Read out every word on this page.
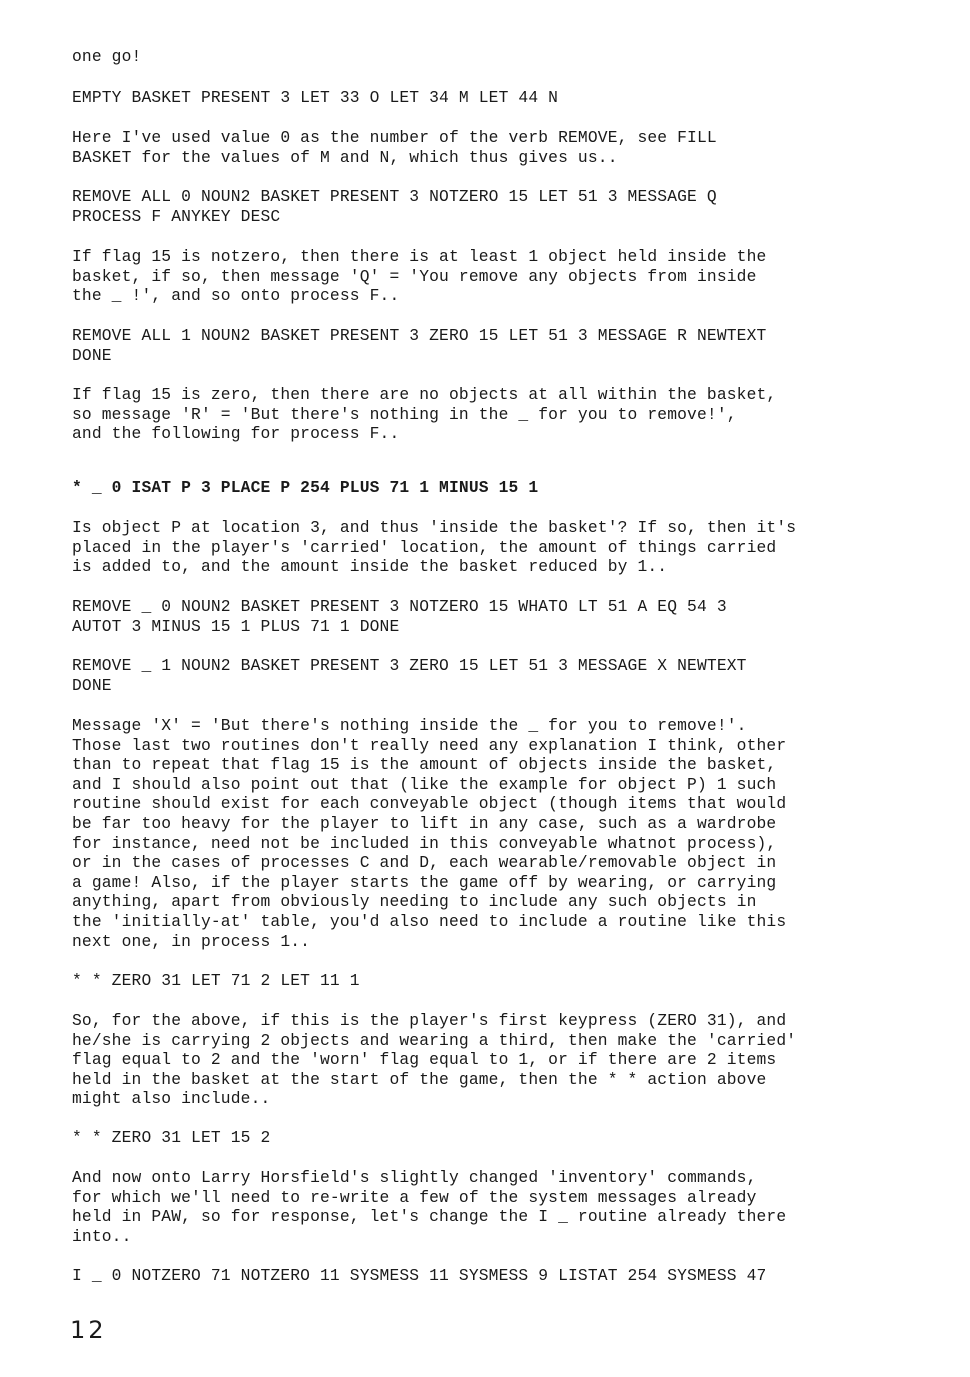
one go!
EMPTY BASKET PRESENT 3 LET 33 O LET 34 M LET 44 N
Here I've used value 0 as the number of the verb REMOVE, see FILL
BASKET for the values of M and N, which thus gives us..
REMOVE ALL 0 NOUN2 BASKET PRESENT 3 NOTZERO 15 LET 51 3 MESSAGE Q
PROCESS F ANYKEY DESC
If flag 15 is notzero, then there is at least 1 object held inside the
basket, if so, then message 'Q' = 'You remove any objects from inside
the _ !', and so onto process F..
REMOVE ALL 1 NOUN2 BASKET PRESENT 3 ZERO 15 LET 51 3 MESSAGE R NEWTEXT
DONE
If flag 15 is zero, then there are no objects at all within the basket,
so message 'R' = 'But there's nothing in the _ for you to remove!',
and the following for process F..
* _ 0 ISAT P 3 PLACE P 254 PLUS 71 1 MINUS 15 1
Is object P at location 3, and thus 'inside the basket'? If so, then it's
placed in the player's 'carried' location, the amount of things carried
is added to, and the amount inside the basket reduced by 1..
REMOVE _ 0 NOUN2 BASKET PRESENT 3 NOTZERO 15 WHATO LT 51 A EQ 54 3
AUTOT 3 MINUS 15 1 PLUS 71 1 DONE
REMOVE _ 1 NOUN2 BASKET PRESENT 3 ZERO 15 LET 51 3 MESSAGE X NEWTEXT
DONE
Message 'X' = 'But there's nothing inside the _ for you to remove!'.
Those last two routines don't really need any explanation I think, other
than to repeat that flag 15 is the amount of objects inside the basket,
and I should also point out that (like the example for object P) 1 such
routine should exist for each conveyable object (though items that would
be far too heavy for the player to lift in any case, such as a wardrobe
for instance, need not be included in this conveyable whatnot process),
or in the cases of processes C and D, each wearable/removable object in
a game! Also, if the player starts the game off by wearing, or carrying
anything, apart from obviously needing to include any such objects in
the 'initially-at' table, you'd also need to include a routine like this
next one, in process 1..
* * ZERO 31 LET 71 2 LET 11 1
So, for the above, if this is the player's first keypress (ZERO 31), and
he/she is carrying 2 objects and wearing a third, then make the 'carried'
flag equal to 2 and the 'worn' flag equal to 1, or if there are 2 items
held in the basket at the start of the game, then the * * action above
might also include..
* * ZERO 31 LET 15 2
And now onto Larry Horsfield's slightly changed 'inventory' commands,
for which we'll need to re-write a few of the system messages already
held in PAW, so for response, let's change the I _ routine already there
into..
I _ 0 NOTZERO 71 NOTZERO 11 SYSMESS 11 SYSMESS 9 LISTAT 254 SYSMESS 47
12
